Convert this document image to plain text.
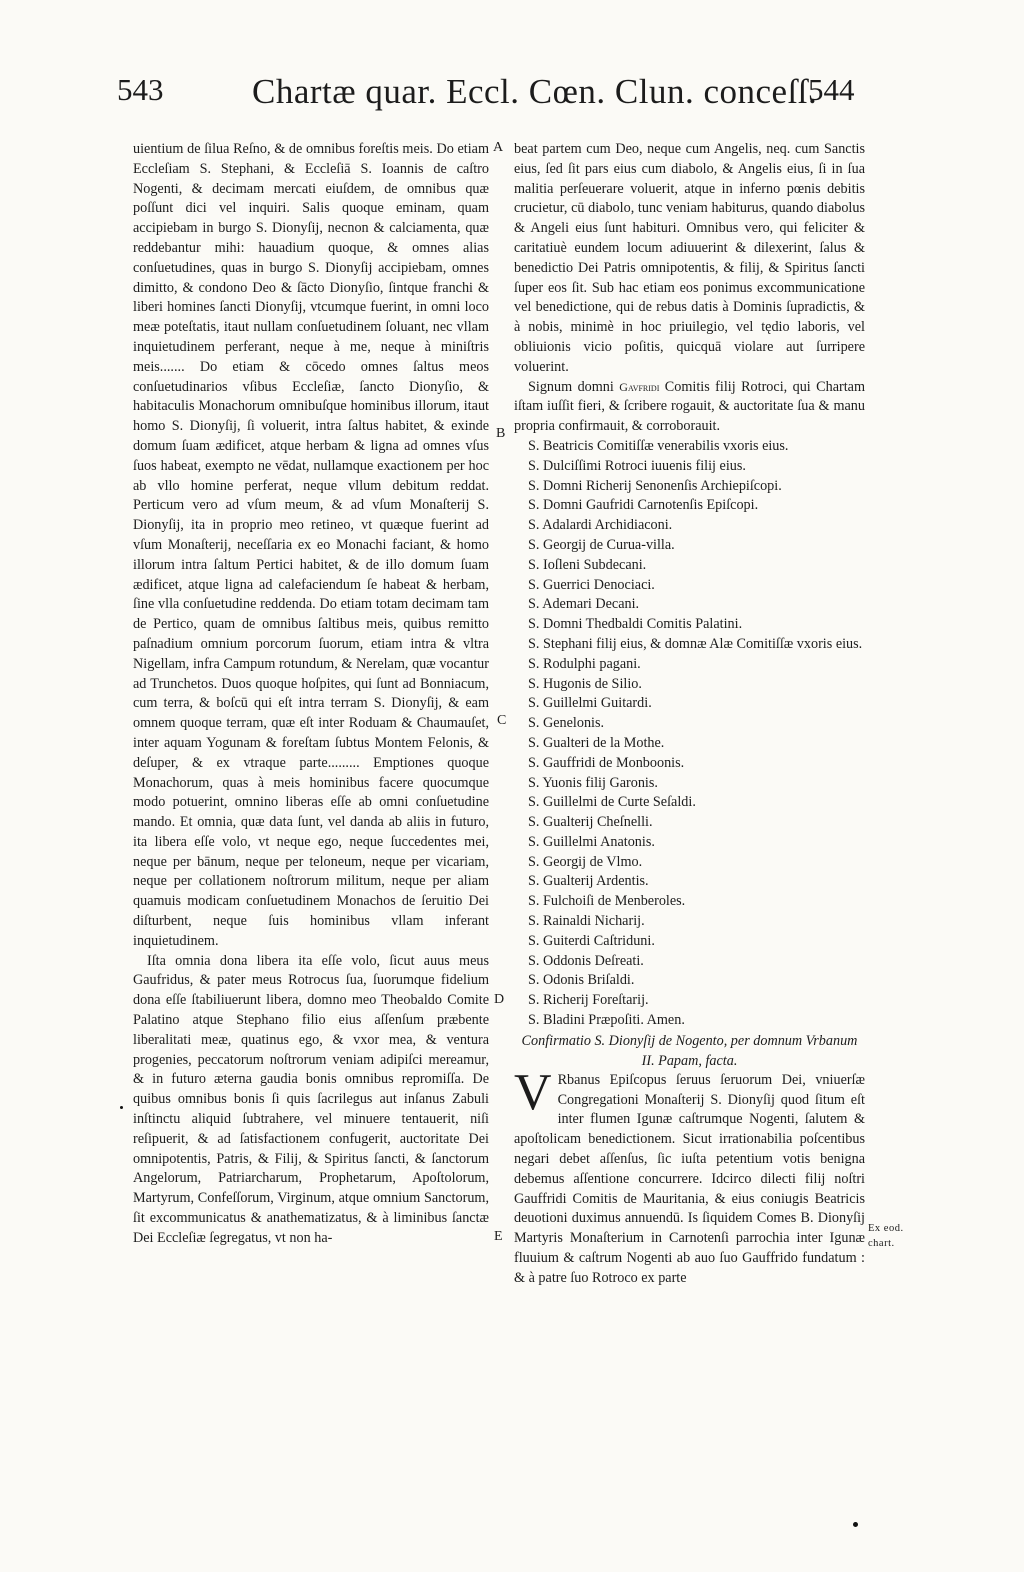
543	Chartæ quar. Eccl. Cœn. Clun. conceſſ.
544

uientium de ſilua Reſno, & de omnibus foreſtis meis. Do etiam Eccleſiam S. Stephani, & Eccleſiā S. Ioannis de caſtro Nogenti, & decimam mercati eiuſdem, de omnibus quæ poſſunt dici vel inquiri. Salis quoque eminam, quam accipiebam in burgo S. Dionyſij, necnon & calciamenta, quæ reddebantur mihi: hauadium quoque, & omnes alias conſuetudines, quas in burgo S. Dionyſij accipiebam, omnes dimitto, & condono Deo & ſācto Dionyſio, ſintque franchi & liberi homines ſancti Dionyſij, vtcumque fuerint, in omni loco meæ poteſtatis, itaut nullam conſuetudinem ſoluant, nec vllam inquietudinem perferant, neque à me, neque à miniſtris meis....... Do etiam & cōcedo omnes ſaltus meos conſuetudinarios vſibus Eccleſiæ, ſancto Dionyſio, & habitaculis Monachorum omnibuſque hominibus illorum, itaut homo S. Dionyſij, ſi voluerit, intra ſaltus habitet, & exinde domum ſuam ædificet, atque herbam & ligna ad omnes vſus ſuos habeat, exempto ne vēdat, nullamque exactionem per hoc ab vllo homine perferat, neque vllum debitum reddat. Perticum vero ad vſum meum, & ad vſum Monaſterij S. Dionyſij, ita in proprio meo retineo, vt quæque fuerint ad vſum Monaſterij, neceſſaria ex eo Monachi faciant, & homo illorum intra ſaltum Pertici habitet, & de illo domum ſuam ædificet, atque ligna ad calefaciendum ſe habeat & herbam, ſine vlla conſuetudine reddenda. Do etiam totam decimam tam de Pertico, quam de omnibus ſaltibus meis, quibus remitto paſnadium omnium porcorum ſuorum, etiam intra & vltra Nigellam, infra Campum rotundum, & Nerelam, quæ vocantur ad Trunchetos. Duos quoque hoſpites, qui ſunt ad Bonniacum, cum terra, & boſcū qui eſt intra terram S. Dionyſij, & eam omnem quoque terram, quæ eſt inter Roduam & Chaumauſet, inter aquam Yogunam & foreſtam ſubtus Montem Felonis, & deſuper, & ex vtraque parte......... Emptiones quoque Monachorum, quas à meis hominibus facere quocumque modo potuerint, omnino liberas eſſe ab omni conſuetudine mando. Et omnia, quæ data ſunt, vel danda ab aliis in futuro, ita libera eſſe volo, vt neque ego, neque ſuccedentes mei, neque per bānum, neque per teloneum, neque per vicariam, neque per collationem noſtrorum militum, neque per aliam quamuis modicam conſuetudinem Monachos de ſeruitio Dei diſturbent, neque ſuis hominibus vllam inferant inquietudinem.

Iſta omnia dona libera ita eſſe volo, ſicut auus meus Gaufridus, & pater meus Rotrocus ſua, ſuorumque fidelium dona eſſe ſtabiliuerunt libera, domno meo Theobaldo Comite Palatino atque Stephano filio eius aſſenſum præbente liberalitati meæ, quatinus ego, & vxor mea, & ventura progenies, peccatorum noſtrorum veniam adipiſci mereamur, & in futuro æterna gaudia bonis omnibus repromiſſa. De quibus omnibus bonis ſi quis ſacrilegus aut inſanus Zabuli inſtinctu aliquid ſubtrahere, vel minuere tentauerit, niſi reſipuerit, & ad ſatisfactionem confugerit, auctoritate Dei omnipotentis, Patris, & Filij, & Spiritus ſancti, & ſanctorum Angelorum, Patriarcharum, Prophetarum, Apoſtolorum, Martyrum, Confeſſorum, Virginum, atque omnium Sanctorum, ſit excommunicatus & anathematizatus, & à liminibus ſanctæ Dei Eccleſiæ ſegregatus, vt non ha-

A
B
C
D
E

beat partem cum Deo, neque cum Angelis, neq. cum Sanctis eius, ſed ſit pars eius cum diabolo, & Angelis eius, ſi in ſua malitia perſeuerare voluerit, atque in inferno pœnis debitis crucietur, cū diabolo, tunc veniam habiturus, quando diabolus & Angeli eius ſunt habituri. Omnibus vero, qui feliciter & caritatiuè eundem locum adiuuerint & dilexerint, ſalus & benedictio Dei Patris omnipotentis, & filij, & Spiritus ſancti ſuper eos ſit. Sub hac etiam eos ponimus excommunicatione vel benedictione, qui de rebus datis à Dominis ſupradictis, & à nobis, minimè in hoc priuilegio, vel tędio laboris, vel obliuionis vicio poſitis, quicquā violare aut ſurripere voluerint.

Signum domni Gavfridi Comitis filij Rotroci, qui Chartam iſtam iuſſit fieri, & ſcribere rogauit, & auctoritate ſua & manu propria confirmauit, & corroborauit.

S. Beatricis Comitiſſæ venerabilis vxoris eius.

S. Dulciſſimi Rotroci iuuenis filij eius.

S. Domni Richerij Senonenſis Archiepiſcopi.

S. Domni Gaufridi Carnotenſis Epiſcopi.

S. Adalardi Archidiaconi.

S. Georgij de Curua-villa.

S. Ioſleni Subdecani.

S. Guerrici Denociaci.

S. Ademari Decani.

S. Domni Thedbaldi Comitis Palatini.

S. Stephani filij eius, & domnæ Alæ Comitiſſæ vxoris eius.

S. Rodulphi pagani.

S. Hugonis de Silio.

S. Guillelmi Guitardi.

S. Genelonis.

S. Gualteri de la Mothe.

S. Gauffridi de Monboonis.

S. Yuonis filij Garonis.

S. Guillelmi de Curte Seſaldi.

S. Gualterij Cheſnelli.

S. Guillelmi Anatonis.

S. Georgij de Vlmo.

S. Gualterij Ardentis.

S. Fulchoiſi de Menberoles.

S. Rainaldi Nicharij.

S. Guiterdi Caſtriduni.

S. Oddonis Deſreati.

S. Odonis Briſaldi.

S. Richerij Foreſtarij.

S. Bladini Præpoſiti. Amen.

Confirmatio S. Dionyſij de Nogento, per domnum Vrbanum II. Papam, facta.

V Rbanus Epiſcopus ſeruus ſeruorum Dei, vniuerſæ Congregationi Monaſterij S. Dionyſij quod ſitum eſt inter flumen Igunæ caſtrumque Nogenti, ſalutem & apoſtolicam benedictionem. Sicut irrationabilia poſcentibus negari debet aſſenſus, ſic iuſta petentium votis benigna debemus aſſentione concurrere. Idcirco dilecti filij noſtri Gauffridi Comitis de Mauritania, & eius coniugis Beatricis deuotioni duximus annuendū. Is ſiquidem Comes B. Dionyſij Martyris Monaſterium in Carnotenſi parrochia inter Igunæ fluuium & caſtrum Nogenti ab auo ſuo Gauffrido fundatum : & à patre ſuo Rotroco ex parte

Ex eod.
chart.
